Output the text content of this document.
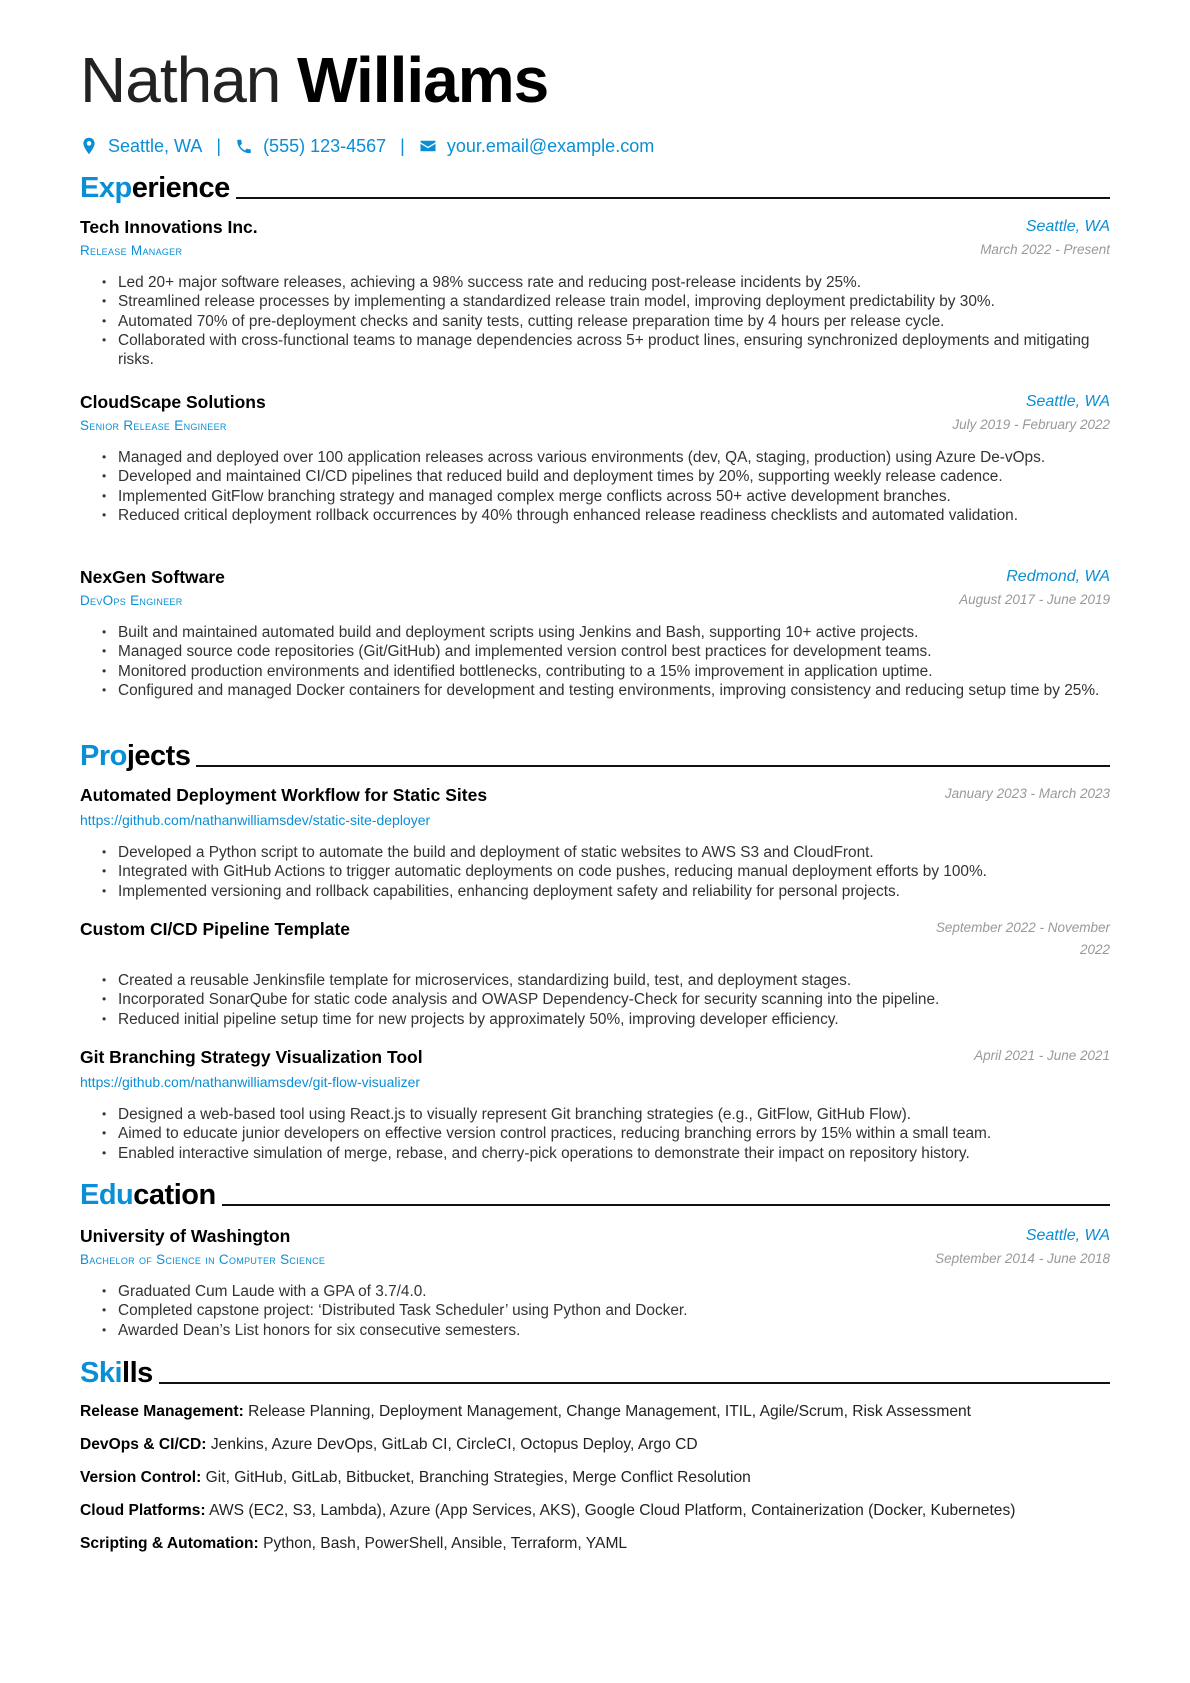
Nathan Williams
Seattle, WA | (555) 123-4567 | your.email@example.com
Experience
Tech Innovations Inc.	Seattle, WA
Release Manager	March 2022 - Present
• Led 20+ major software releases, achieving a 98% success rate and reducing post-release incidents by 25%.
• Streamlined release processes by implementing a standardized release train model, improving deployment predictability by 30%.
• Automated 70% of pre-deployment checks and sanity tests, cutting release preparation time by 4 hours per release cycle.
• Collaborated with cross-functional teams to manage dependencies across 5+ product lines, ensuring synchronized deployments and mitigating risks.
CloudScape Solutions	Seattle, WA
Senior Release Engineer	July 2019 - February 2022
• Managed and deployed over 100 application releases across various environments (dev, QA, staging, production) using Azure De-vOps.
• Developed and maintained CI/CD pipelines that reduced build and deployment times by 20%, supporting weekly release cadence.
• Implemented GitFlow branching strategy and managed complex merge conflicts across 50+ active development branches.
• Reduced critical deployment rollback occurrences by 40% through enhanced release readiness checklists and automated validation.
NexGen Software	Redmond, WA
DevOps Engineer	August 2017 - June 2019
• Built and maintained automated build and deployment scripts using Jenkins and Bash, supporting 10+ active projects.
• Managed source code repositories (Git/GitHub) and implemented version control best practices for development teams.
• Monitored production environments and identified bottlenecks, contributing to a 15% improvement in application uptime.
• Configured and managed Docker containers for development and testing environments, improving consistency and reducing setup time by 25%.
Projects
Automated Deployment Workflow for Static Sites	January 2023 - March 2023
https://github.com/nathanwilliamsdev/static-site-deployer
• Developed a Python script to automate the build and deployment of static websites to AWS S3 and CloudFront.
• Integrated with GitHub Actions to trigger automatic deployments on code pushes, reducing manual deployment efforts by 100%.
• Implemented versioning and rollback capabilities, enhancing deployment safety and reliability for personal projects.
Custom CI/CD Pipeline Template	September 2022 - November 2022
• Created a reusable Jenkinsfile template for microservices, standardizing build, test, and deployment stages.
• Incorporated SonarQube for static code analysis and OWASP Dependency-Check for security scanning into the pipeline.
• Reduced initial pipeline setup time for new projects by approximately 50%, improving developer efficiency.
Git Branching Strategy Visualization Tool	April 2021 - June 2021
https://github.com/nathanwilliamsdev/git-flow-visualizer
• Designed a web-based tool using React.js to visually represent Git branching strategies (e.g., GitFlow, GitHub Flow).
• Aimed to educate junior developers on effective version control practices, reducing branching errors by 15% within a small team.
• Enabled interactive simulation of merge, rebase, and cherry-pick operations to demonstrate their impact on repository history.
Education
University of Washington	Seattle, WA
Bachelor of Science in Computer Science	September 2014 - June 2018
• Graduated Cum Laude with a GPA of 3.7/4.0.
• Completed capstone project: ‘Distributed Task Scheduler’ using Python and Docker.
• Awarded Dean’s List honors for six consecutive semesters.
Skills
Release Management: Release Planning, Deployment Management, Change Management, ITIL, Agile/Scrum, Risk Assessment
DevOps & CI/CD: Jenkins, Azure DevOps, GitLab CI, CircleCI, Octopus Deploy, Argo CD
Version Control: Git, GitHub, GitLab, Bitbucket, Branching Strategies, Merge Conflict Resolution
Cloud Platforms: AWS (EC2, S3, Lambda), Azure (App Services, AKS), Google Cloud Platform, Containerization (Docker, Kubernetes)
Scripting & Automation: Python, Bash, PowerShell, Ansible, Terraform, YAML
